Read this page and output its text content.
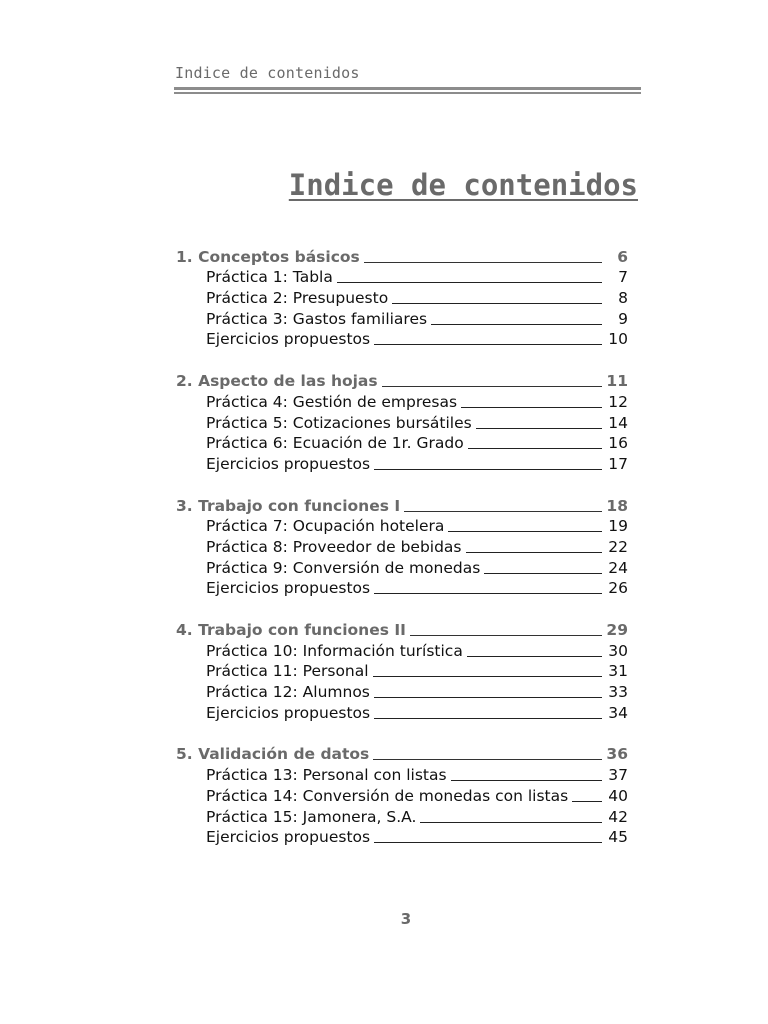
Indice de contenidos
Indice de contenidos
1. Conceptos básicos	6
Práctica 1: Tabla	7
Práctica 2: Presupuesto	8
Práctica 3: Gastos familiares	9
Ejercicios propuestos	10
2. Aspecto de las hojas	11
Práctica 4: Gestión de empresas	12
Práctica 5: Cotizaciones bursátiles	14
Práctica 6: Ecuación de 1r. Grado	16
Ejercicios propuestos	17
3. Trabajo con funciones I	18
Práctica 7: Ocupación hotelera	19
Práctica 8: Proveedor de bebidas	22
Práctica 9: Conversión de monedas	24
Ejercicios propuestos	26
4. Trabajo con funciones II	29
Práctica 10: Información turística	30
Práctica 11: Personal	31
Práctica 12: Alumnos	33
Ejercicios propuestos	34
5. Validación de datos	36
Práctica 13: Personal con listas	37
Práctica 14: Conversión de monedas con listas	40
Práctica 15: Jamonera, S.A.	42
Ejercicios propuestos	45
3
